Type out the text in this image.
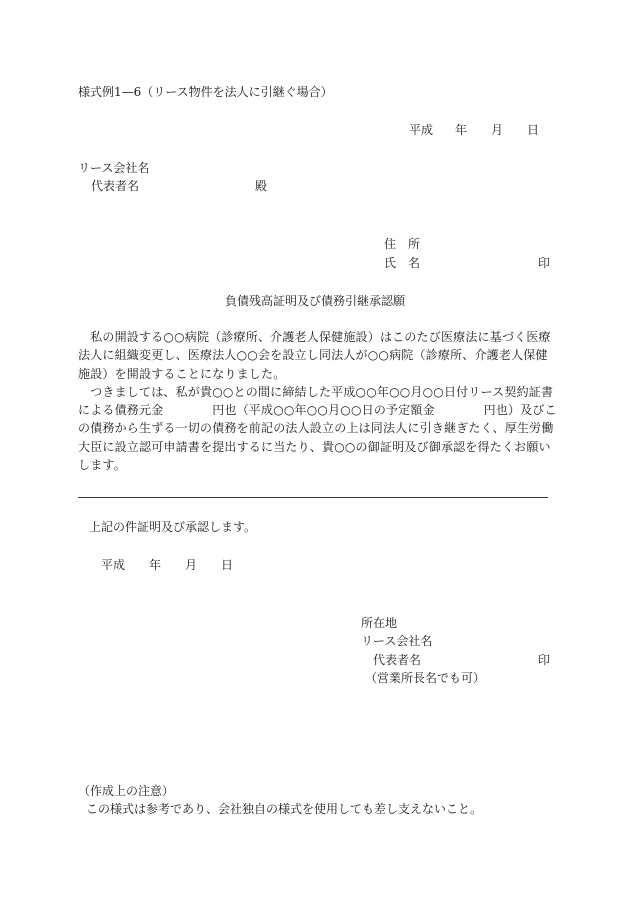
様式例1—6（リース物件を法人に引継ぐ場合）
平成 年 月 日
リース会社名
代表者名	殿
住　所
氏　名	印
負債残高証明及び債務引継承認願

　私の開設する○○病院（診療所、介護老人保健施設）はこのたび医療法に基づく医療法人に組織変更し、医療法人○○会を設立し同法人が○○病院（診療所、介護老人保健施設）を開設することになりました。

　つきましては、私が貴○○との間に締結した平成○○年○○月○○日付リース契約証書による債務元金　　　　円也（平成○○年○○月○○日の予定額金　　　　円也）及びこの債務から生ずる一切の債務を前記の法人設立の上は同法人に引き継ぎたく、厚生労働大臣に設立認可申請書を提出するに当たり、貴○○の御証明及び御承認を得たくお願いします。

上記の件証明及び承認します。
平成 年 月 日
所在地
リース会社名
代表者名	印
（営業所長名でも可）
（作成上の注意）
この様式は参考であり、会社独自の様式を使用しても差し支えないこと。
